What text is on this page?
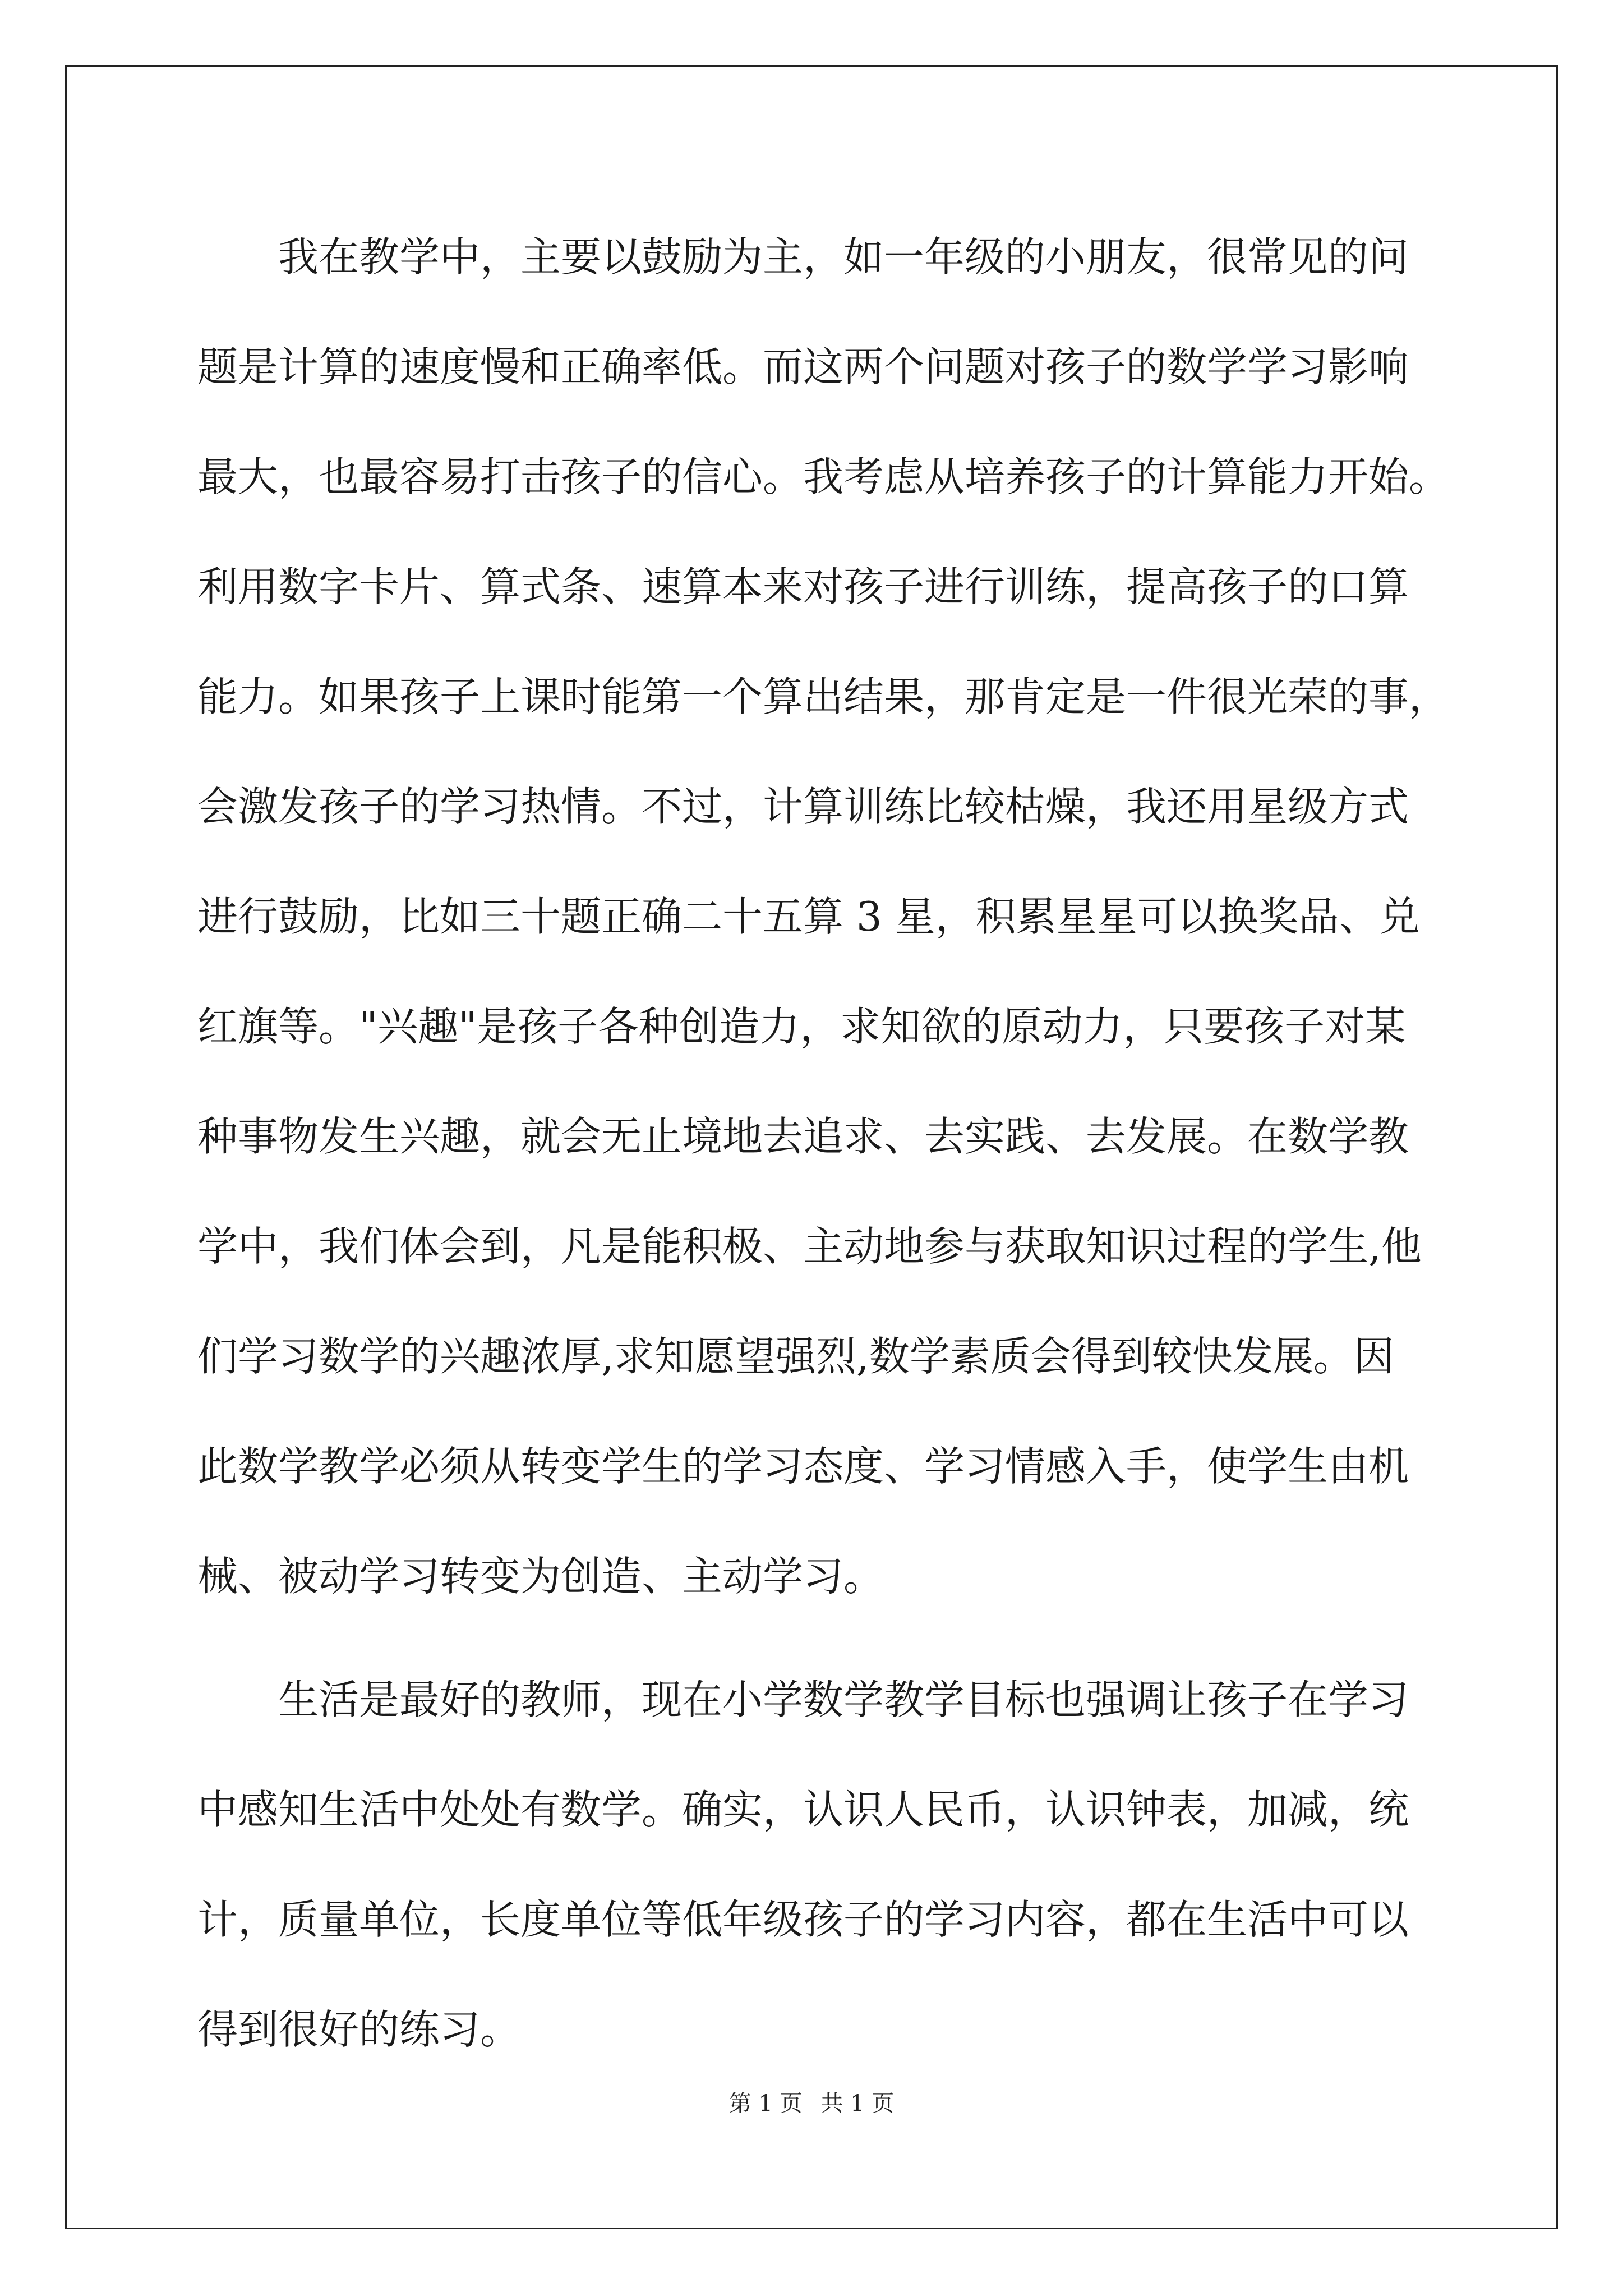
　　我在教学中，主要以鼓励为主，如一年级的小朋友，很常见的问
题是计算的速度慢和正确率低。而这两个问题对孩子的数学学习影响
最大，也最容易打击孩子的信心。我考虑从培养孩子的计算能力开始。
利用数字卡片、算式条、速算本来对孩子进行训练，提高孩子的口算
能力。如果孩子上课时能第一个算出结果，那肯定是一件很光荣的事，
会激发孩子的学习热情。不过，计算训练比较枯燥，我还用星级方式
进行鼓励，比如三十题正确二十五算 3 星，积累星星可以换奖品、兑
红旗等。"兴趣"是孩子各种创造力，求知欲的原动力，只要孩子对某
种事物发生兴趣，就会无止境地去追求、去实践、去发展。在数学教
学中，我们体会到，凡是能积极、主动地参与获取知识过程的学生,他
们学习数学的兴趣浓厚,求知愿望强烈,数学素质会得到较快发展。因
此数学教学必须从转变学生的学习态度、学习情感入手，使学生由机
械、被动学习转变为创造、主动学习。
　　生活是最好的教师，现在小学数学教学目标也强调让孩子在学习
中感知生活中处处有数学。确实，认识人民币，认识钟表，加减，统
计，质量单位，长度单位等低年级孩子的学习内容，都在生活中可以
得到很好的练习。
第 1 页 共 1 页
